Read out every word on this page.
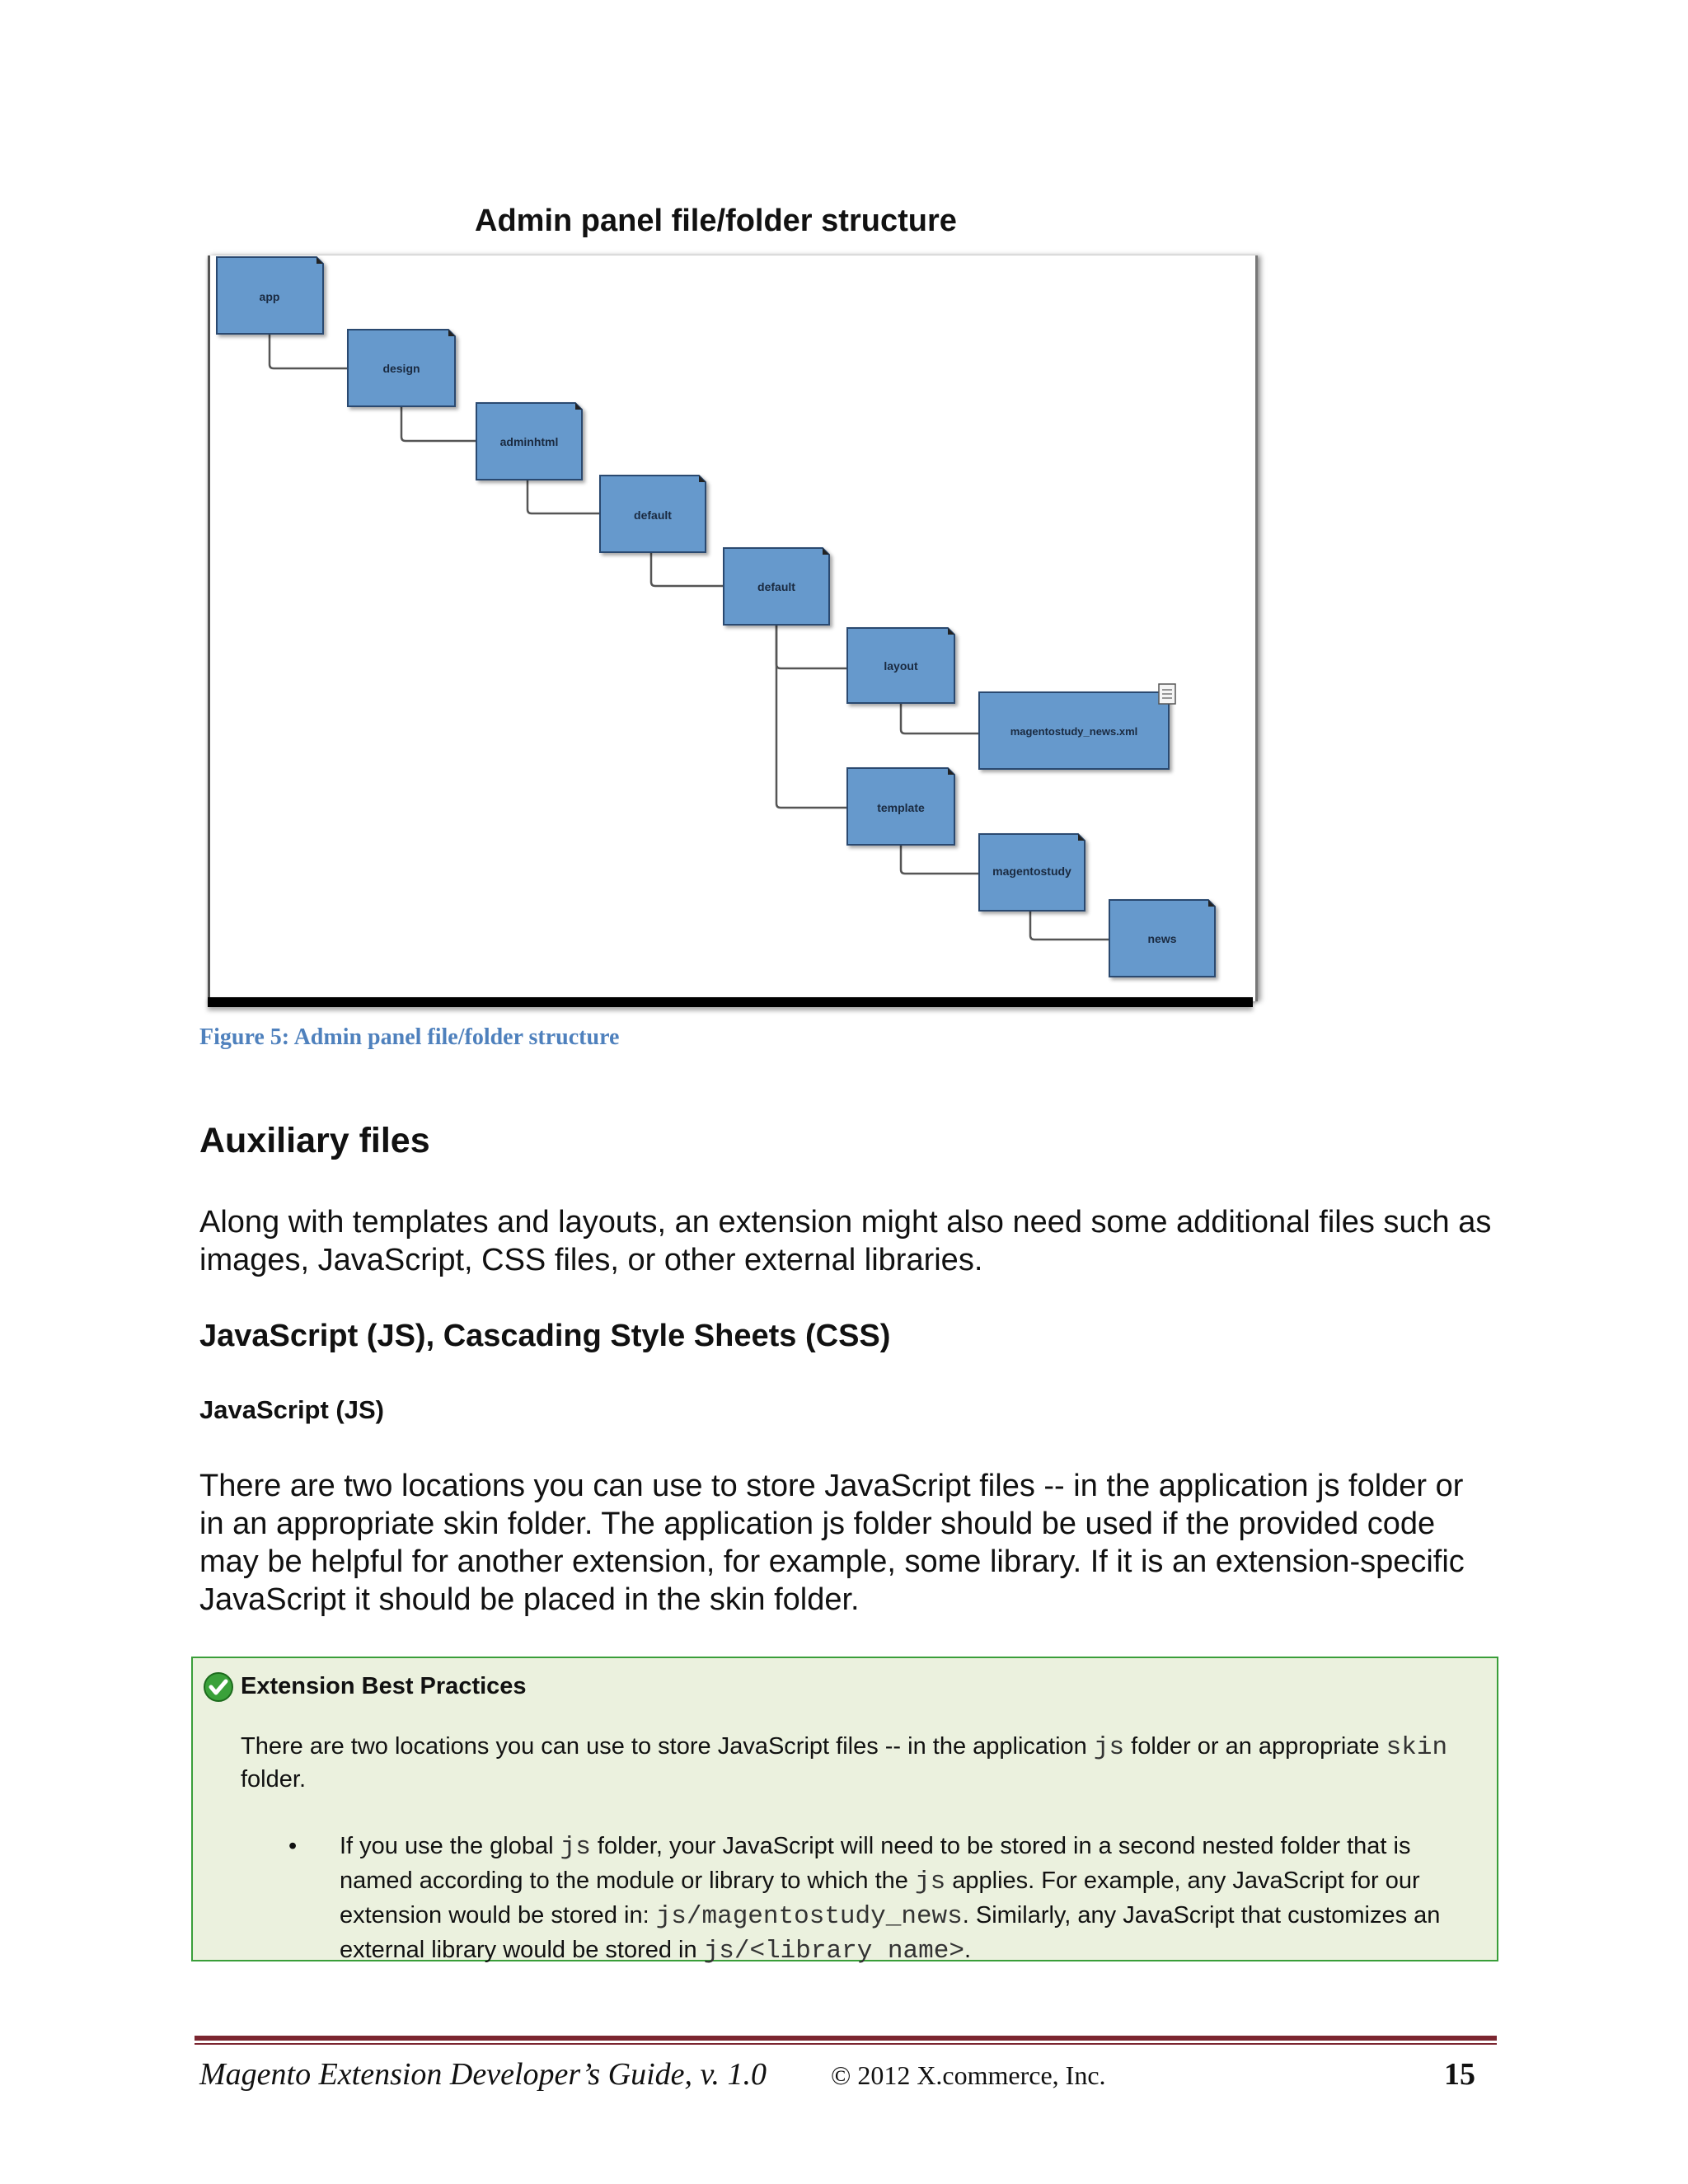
Admin panel file/folder structure
app
design
adminhtml
default
default
layout
magentostudy_news.xml
template
magentostudy
news
Figure 5: Admin panel file/folder structure
Auxiliary files
Along with templates and layouts, an extension might also need some additional files such as images, JavaScript, CSS files, or other external libraries.
JavaScript (JS), Cascading Style Sheets (CSS)
JavaScript (JS)
There are two locations you can use to store JavaScript files -- in the application js folder or in an appropriate skin folder. The application js folder should be used if the provided code may be helpful for another extension, for example, some library. If it is an extension-specific JavaScript it should be placed in the skin folder.
Extension Best Practices
There are two locations you can use to store JavaScript files -- in the application js folder or an appropriate skin folder.
• If you use the global js folder, your JavaScript will need to be stored in a second nested folder that is named according to the module or library to which the js applies. For example, any JavaScript for our extension would be stored in: js/magentostudy_news. Similarly, any JavaScript that customizes an external library would be stored in js/<library name>.
Magento Extension Developer’s Guide, v. 1.0 © 2012 X.commerce, Inc.	15
